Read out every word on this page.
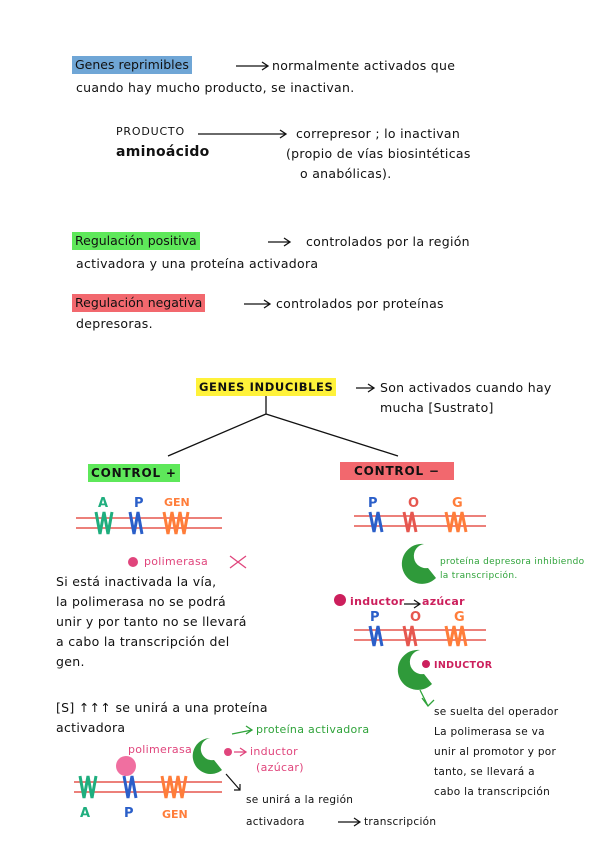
Genes reprimibles	normalmente activados que
cuando hay mucho producto, se inactivan.
PRODUCTO
aminoácido
correpresor ; lo inactivan
(propio de vías biosintéticas
o anabólicas).
Regulación positiva	controlados por la región
activadora y una proteína activadora
Regulación negativa	controlados por proteínas
depresoras.
GENES INDUCIBLES	Son activados cuando hay
mucha [Sustrato]
CONTROL +
A P GEN
polimerasa
Si está inactivada la vía,
la polimerasa no se podrá
unir y por tanto no se llevará
a cabo la transcripción del
gen.
[S] ↑↑↑ se unirá a una proteína
activadora	proteína activadora
polimerasa	inductor
(azúcar)
se unirá a la región
activadora	transcripción
A	P	GEN
CONTROL −
P O	G
proteína depresora inhibiendo
la transcripción.
inductor azúcar
P O	G
INDUCTOR
se suelta del operador
La polimerasa se va
unir al promotor y por
tanto, se llevará a
cabo la transcripción
